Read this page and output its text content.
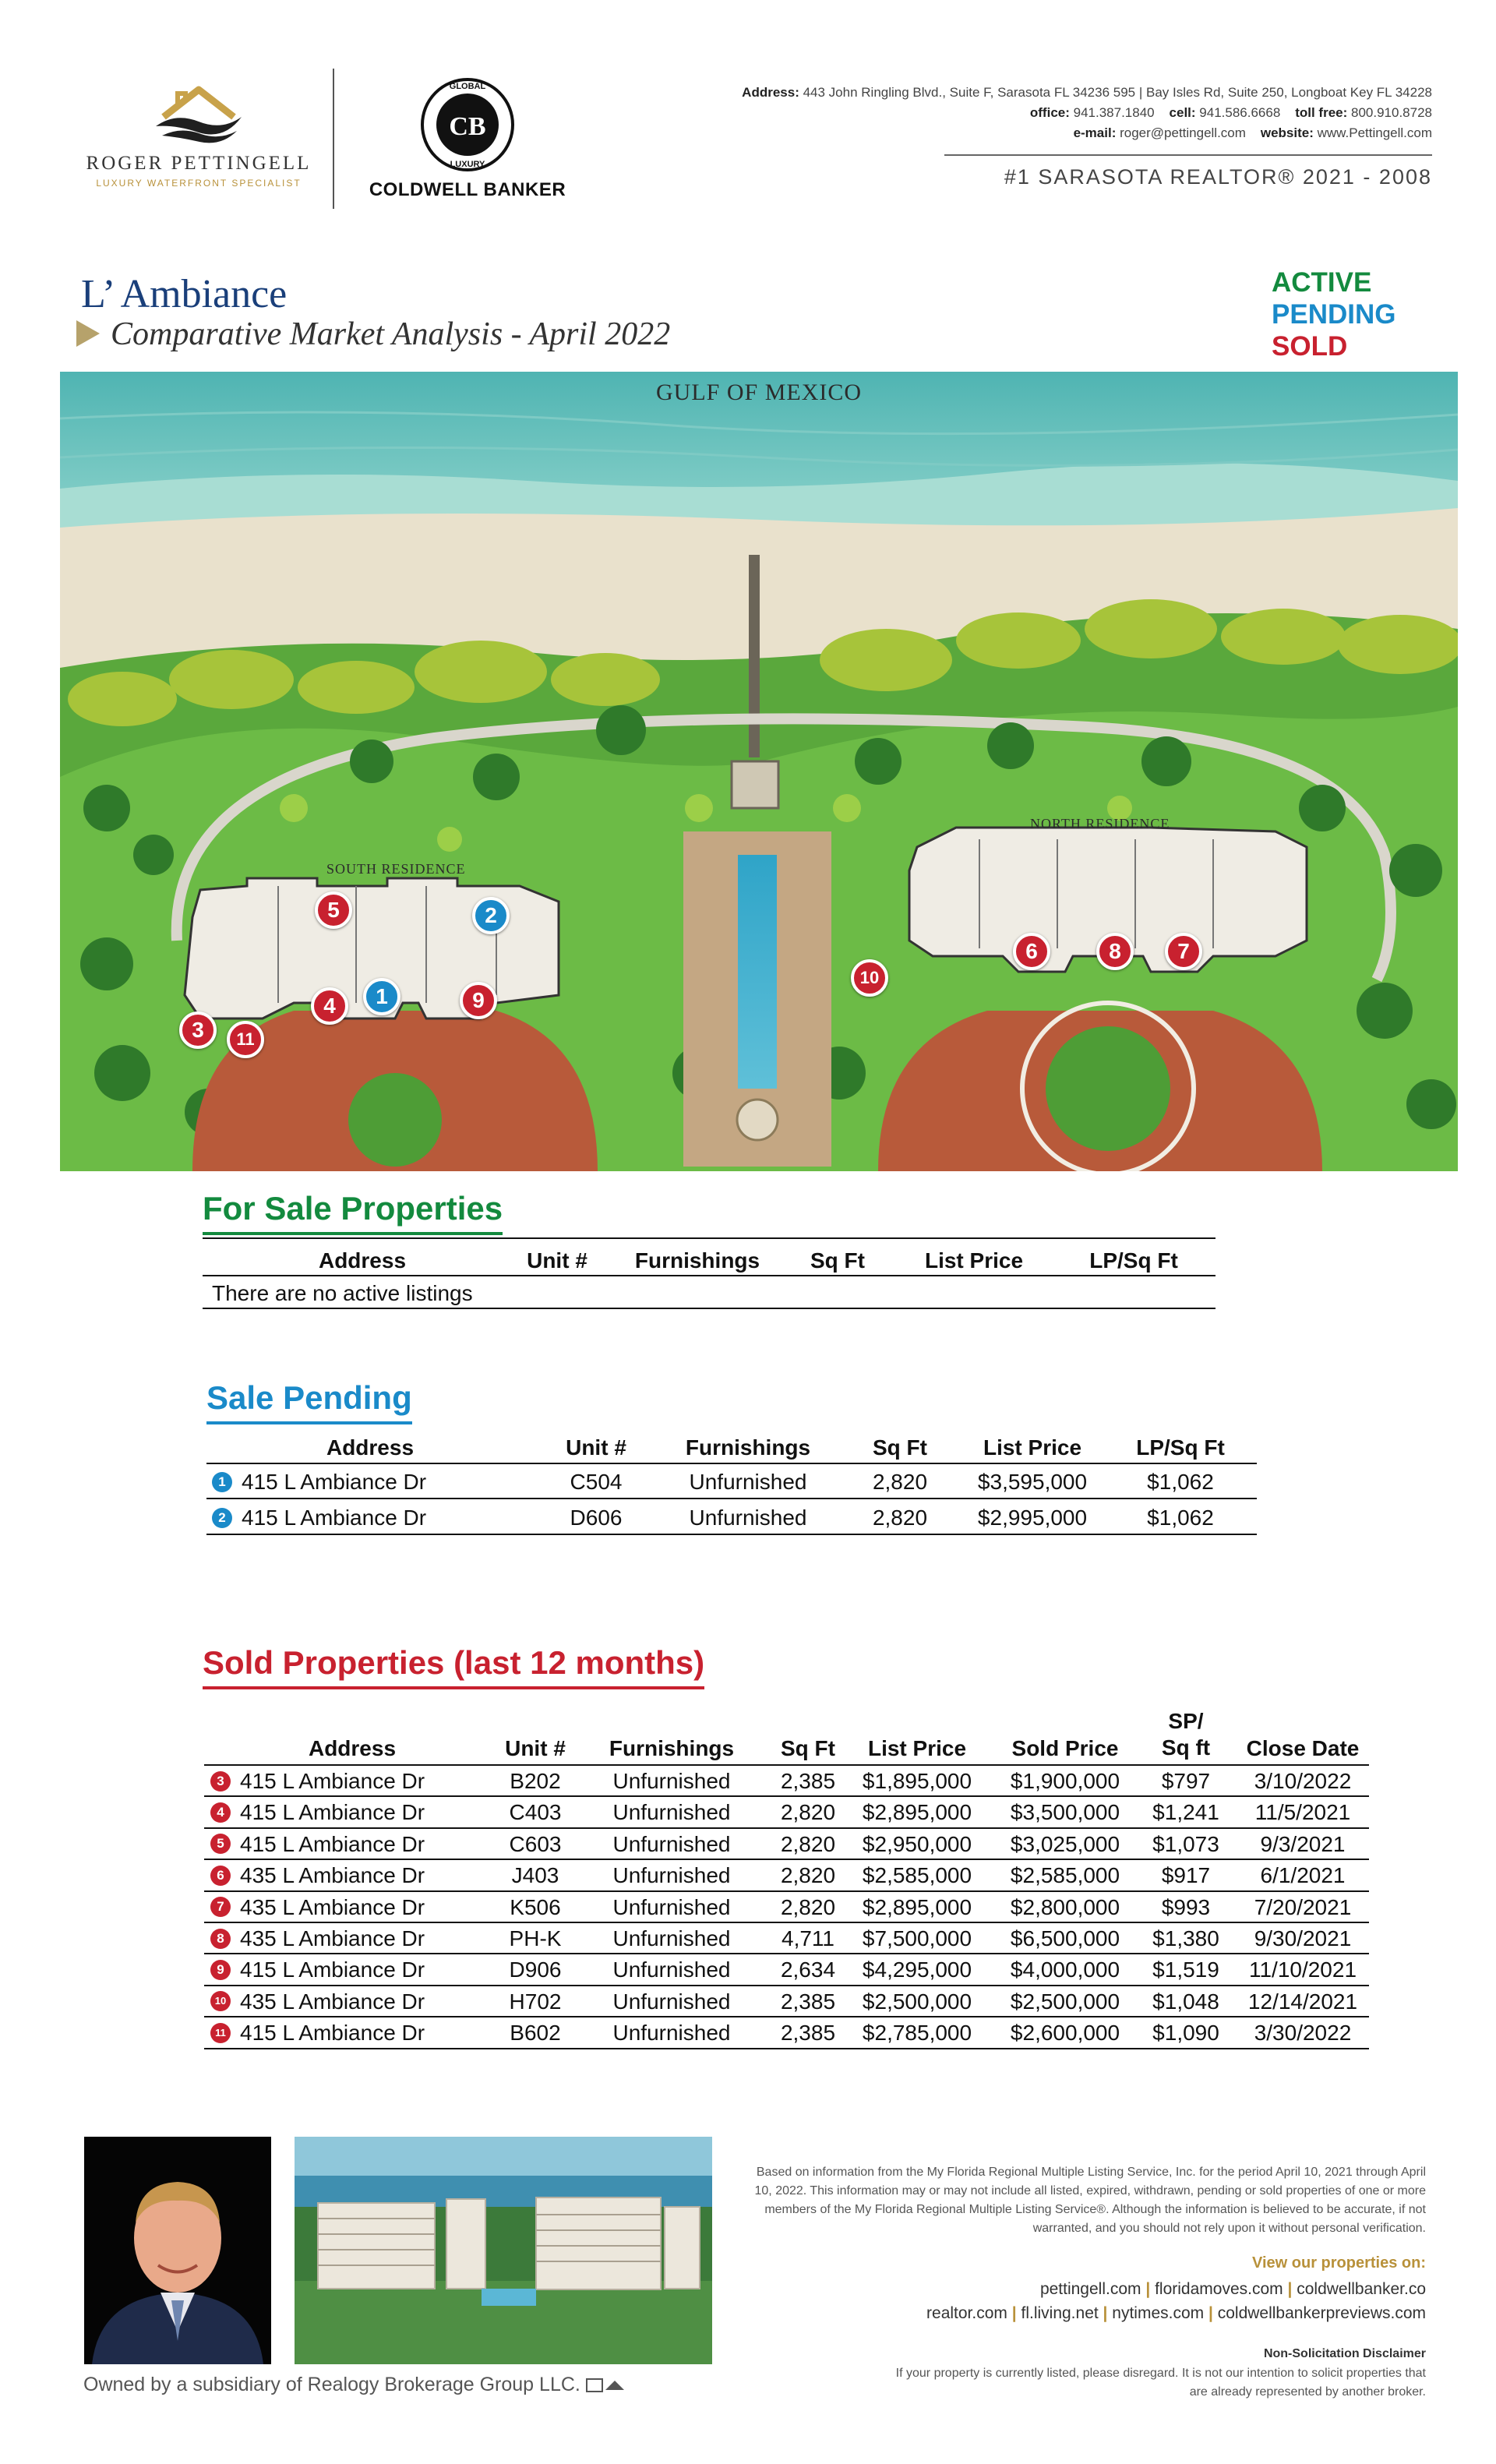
ROGER PETTINGELL
LUXURY WATERFRONT SPECIALIST
GLOBAL
LUXURY
CB
COLDWELL BANKER
Address: 443 John Ringling Blvd., Suite F, Sarasota FL 34236 595 | Bay Isles Rd, Suite 250, Longboat Key FL 34228
office: 941.387.1840 cell: 941.586.6668 toll free: 800.910.8728
e-mail: roger@pettingell.com website: www.Pettingell.com
#1 SARASOTA REALTOR® 2021 - 2008
L’ Ambiance
Comparative Market Analysis - April 2022
ACTIVE
PENDING
SOLD
GULF OF MEXICO
SOUTH RESIDENCE
NORTH RESIDENCE
1
2
3
4
5
6	7
8
9
10
11
For Sale Properties
Address	Unit #	Furnishings	Sq Ft	List Price	LP/Sq Ft
There are no active listings
Sale Pending
Address	Unit #	Furnishings	Sq Ft	List Price	LP/Sq Ft
1 415 L Ambiance Dr	C504	Unfurnished	2,820	$3,595,000	$1,062
2 415 L Ambiance Dr	D606	Unfurnished	2,820	$2,995,000	$1,062
Sold Properties (last 12 months)
Address	Unit #	Furnishings	Sq Ft	List Price	Sold Price
SP/
Sq ft	Close Date
3 415 L Ambiance Dr	B202	Unfurnished	2,385	$1,895,000	$1,900,000	$797	3/10/2022
4 415 L Ambiance Dr	C403	Unfurnished	2,820	$2,895,000	$3,500,000	$1,241	11/5/2021
5 415 L Ambiance Dr	C603	Unfurnished	2,820	$2,950,000	$3,025,000	$1,073	9/3/2021
6 435 L Ambiance Dr	J403	Unfurnished	2,820	$2,585,000	$2,585,000	$917	6/1/2021
7 435 L Ambiance Dr	K506	Unfurnished	2,820	$2,895,000	$2,800,000	$993	7/20/2021
8 435 L Ambiance Dr	PH-K	Unfurnished	4,711	$7,500,000	$6,500,000	$1,380	9/30/2021
9 415 L Ambiance Dr	D906	Unfurnished	2,634	$4,295,000	$4,000,000	$1,519	11/10/2021
10 435 L Ambiance Dr	H702	Unfurnished	2,385	$2,500,000	$2,500,000	$1,048	12/14/2021
11 415 L Ambiance Dr	B602	Unfurnished	2,385	$2,785,000	$2,600,000	$1,090	3/30/2022
Owned by a subsidiary of Realogy Brokerage Group LLC.
Based on information from the My Florida Regional Multiple Listing Service, Inc. for the period April 10, 2021 through April 10, 2022. This information may or may not include all listed, expired, withdrawn, pending or sold properties of one or more members of the My Florida Regional Multiple Listing Service®. Although the information is believed to be accurate, if not warranted, and you should not rely upon it without personal verification.
View our properties on:
pettingell.com | floridamoves.com | coldwellbanker.co
realtor.com | fl.living.net | nytimes.com | coldwellbankerpreviews.com
Non-Solicitation Disclaimer
If your property is currently listed, please disregard. It is not our intention to solicit properties that are already represented by another broker.
